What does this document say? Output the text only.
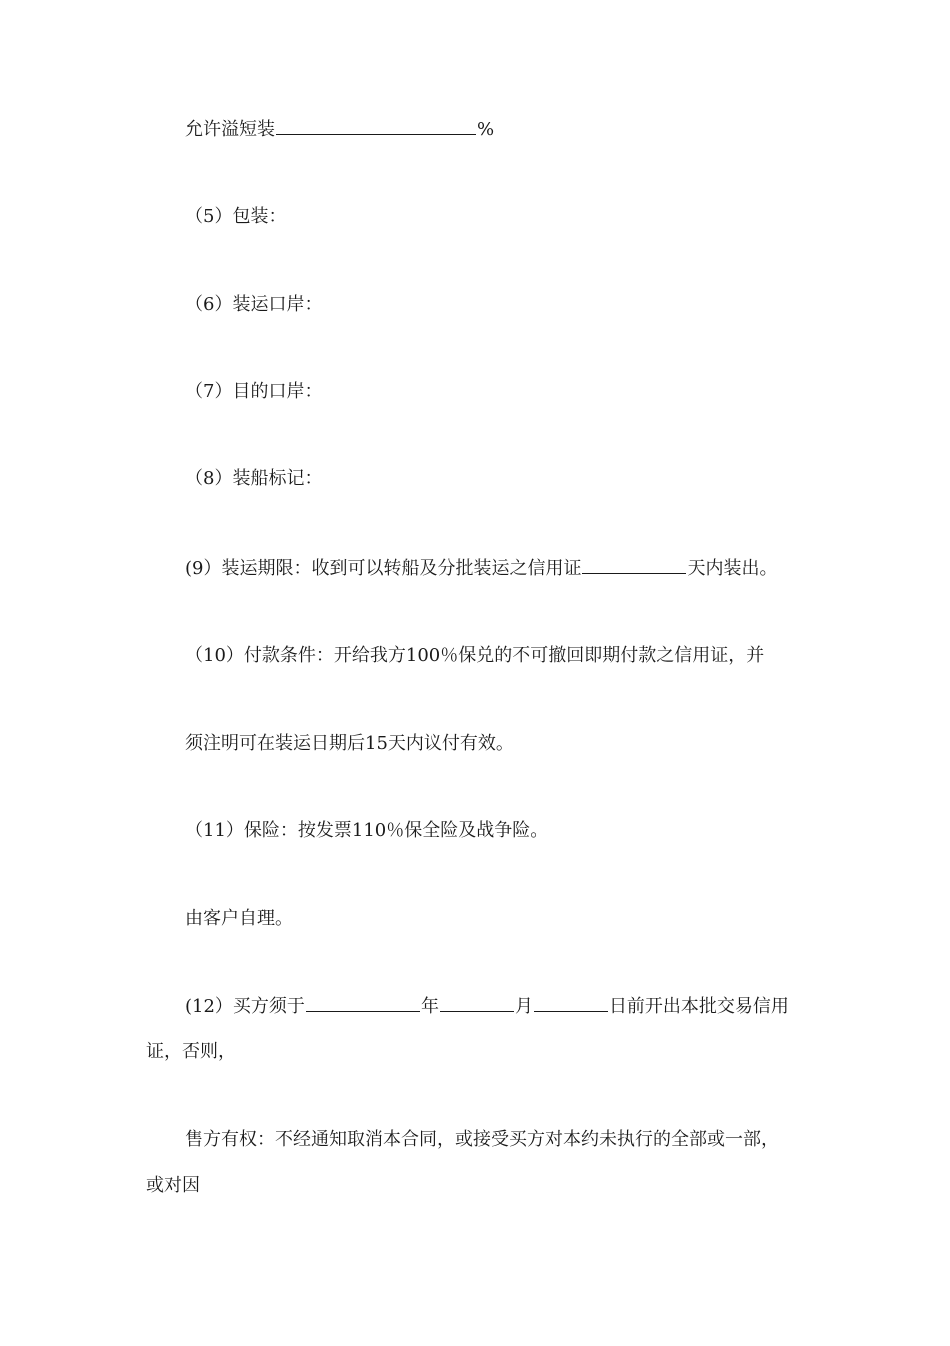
允许溢短装	%
（5）包装：
（6）装运口岸：
（7）目的口岸：
（8）装船标记：
(9）装运期限：收到可以转船及分批装运之信用证	天内装出。
（10）付款条件：开给我方100％保兑的不可撤回即期付款之信用证，并
须注明可在装运日期后15天内议付有效。
（11）保险：按发票110％保全险及战争险。
由客户自理。
(12）买方须于	年	月	日前开出本批交易信用
证，否则，
售方有权：不经通知取消本合同，或接受买方对本约未执行的全部或一部，
或对因
